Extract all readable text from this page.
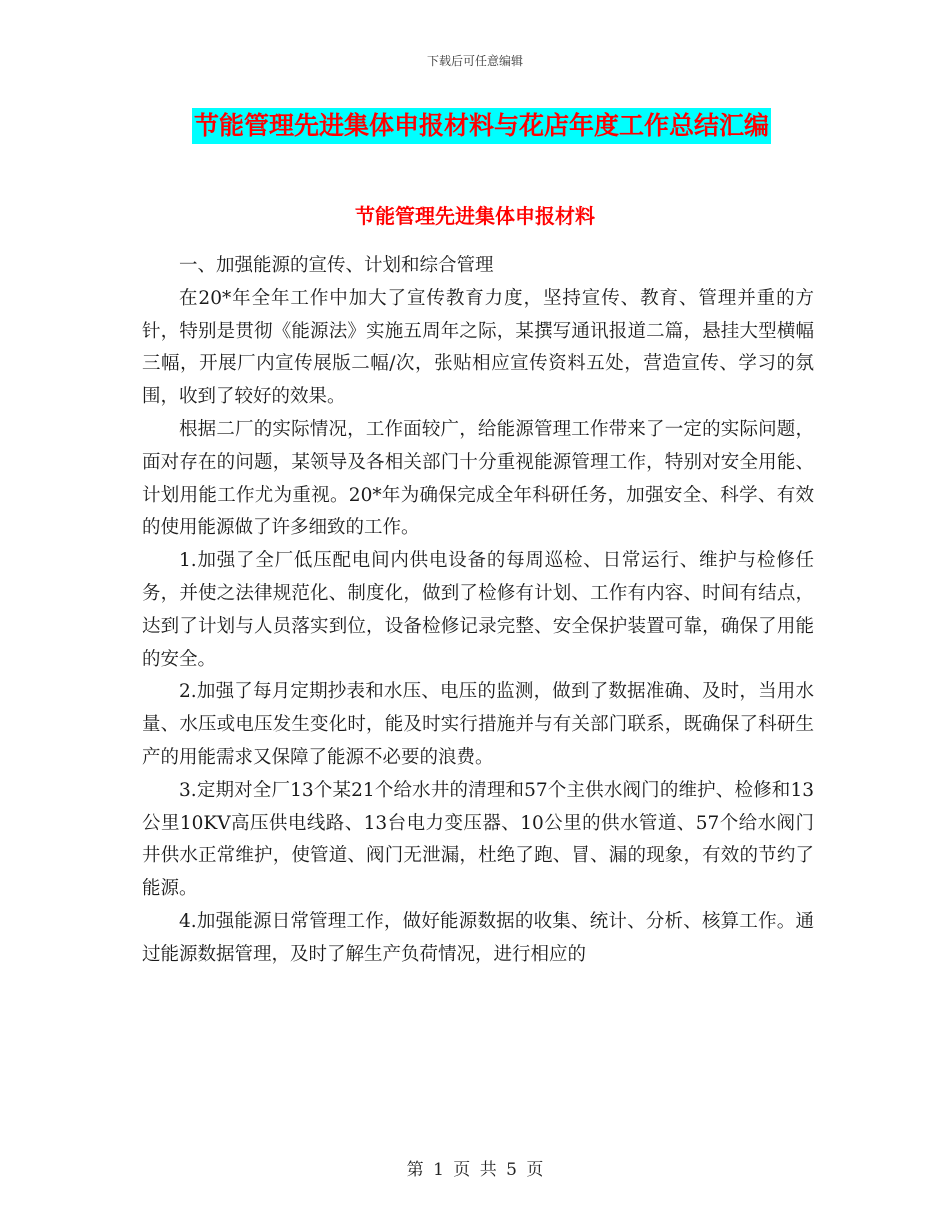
下载后可任意编辑
节能管理先进集体申报材料与花店年度工作总结汇编
节能管理先进集体申报材料

一、加强能源的宣传、计划和综合管理

在20*年全年工作中加大了宣传教育力度，坚持宣传、教育、管理并重的方针，特别是贯彻《能源法》实施五周年之际，某撰写通讯报道二篇，悬挂大型横幅三幅，开展厂内宣传展版二幅/次，张贴相应宣传资料五处，营造宣传、学习的氛围，收到了较好的效果。

根据二厂的实际情况，工作面较广，给能源管理工作带来了一定的实际问题，面对存在的问题，某领导及各相关部门十分重视能源管理工作，特别对安全用能、计划用能工作尤为重视。20*年为确保完成全年科研任务，加强安全、科学、有效的使用能源做了许多细致的工作。

1.加强了全厂低压配电间内供电设备的每周巡检、日常运行、维护与检修任务，并使之法律规范化、制度化，做到了检修有计划、工作有内容、时间有结点，达到了计划与人员落实到位，设备检修记录完整、安全保护装置可靠，确保了用能的安全。

2.加强了每月定期抄表和水压、电压的监测，做到了数据准确、及时，当用水量、水压或电压发生变化时，能及时实行措施并与有关部门联系，既确保了科研生产的用能需求又保障了能源不必要的浪费。

3.定期对全厂13个某21个给水井的清理和57个主供水阀门的维护、检修和13公里10KV高压供电线路、13台电力变压器、10公里的供水管道、57个给水阀门井供水正常维护，使管道、阀门无泄漏，杜绝了跑、冒、漏的现象，有效的节约了能源。

4.加强能源日常管理工作，做好能源数据的收集、统计、分析、核算工作。通过能源数据管理，及时了解生产负荷情况，进行相应的

第 1 页 共 5 页
